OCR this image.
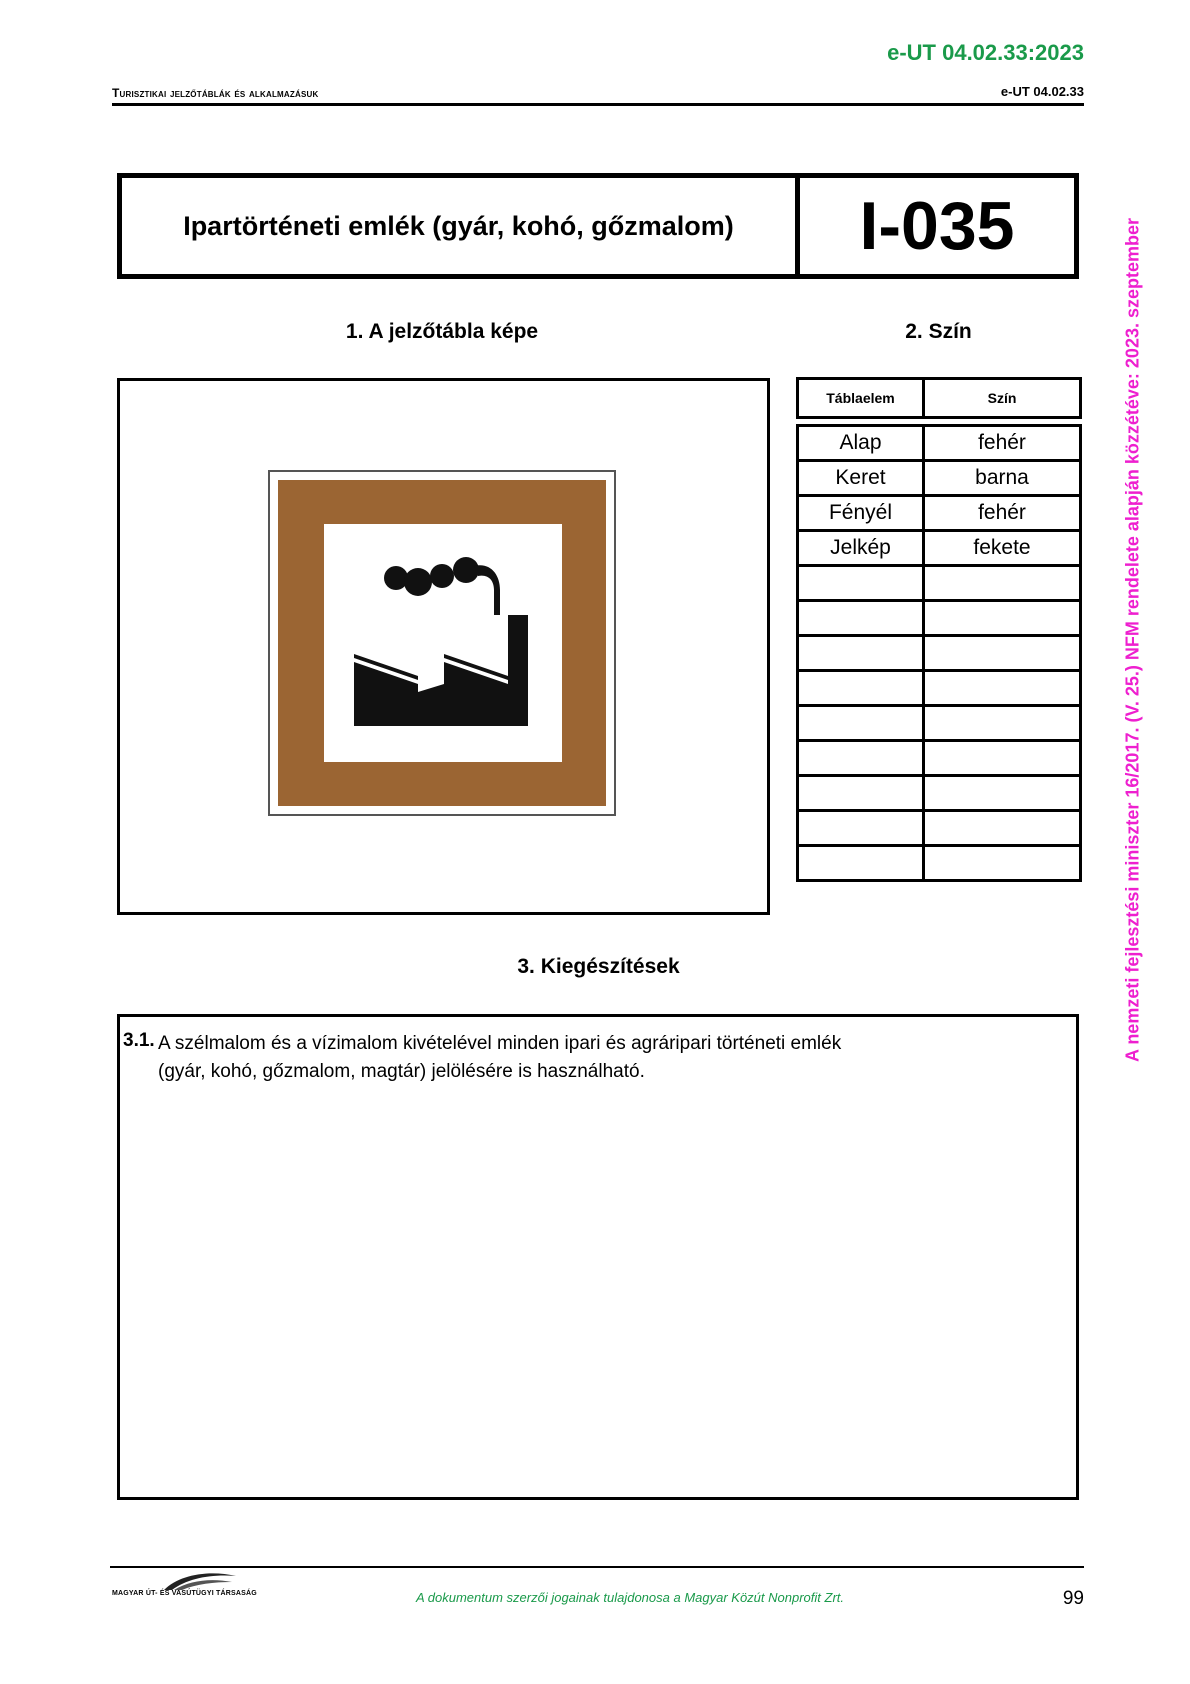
e-UT 04.02.33:2023
Turisztikai jelzőtáblák és alkalmazásuk	e-UT 04.02.33
Ipartörténeti emlék (gyár, kohó, gőzmalom)	I-035
1. A jelzőtábla képe	2. Szín
Táblaelem	Szín

Alap	fehér
Keret	barna
Fényél	fehér
Jelkép	fekete

3. Kiegészítések
3.1. A szélmalom és a vízimalom kivételével minden ipari és agráripari történeti emlék
(gyár, kohó, gőzmalom, magtár) jelölésére is használható.
MAGYAR ÚT- ÉS VASÚTÜGYI TÁRSASÁG	A dokumentum szerzői jogainak tulajdonosa a Magyar Közút Nonprofit Zrt.	99
A nemzeti fejlesztési miniszter 16/2017. (V. 25.) NFM rendelete alapján közzétéve: 2023. szeptember
